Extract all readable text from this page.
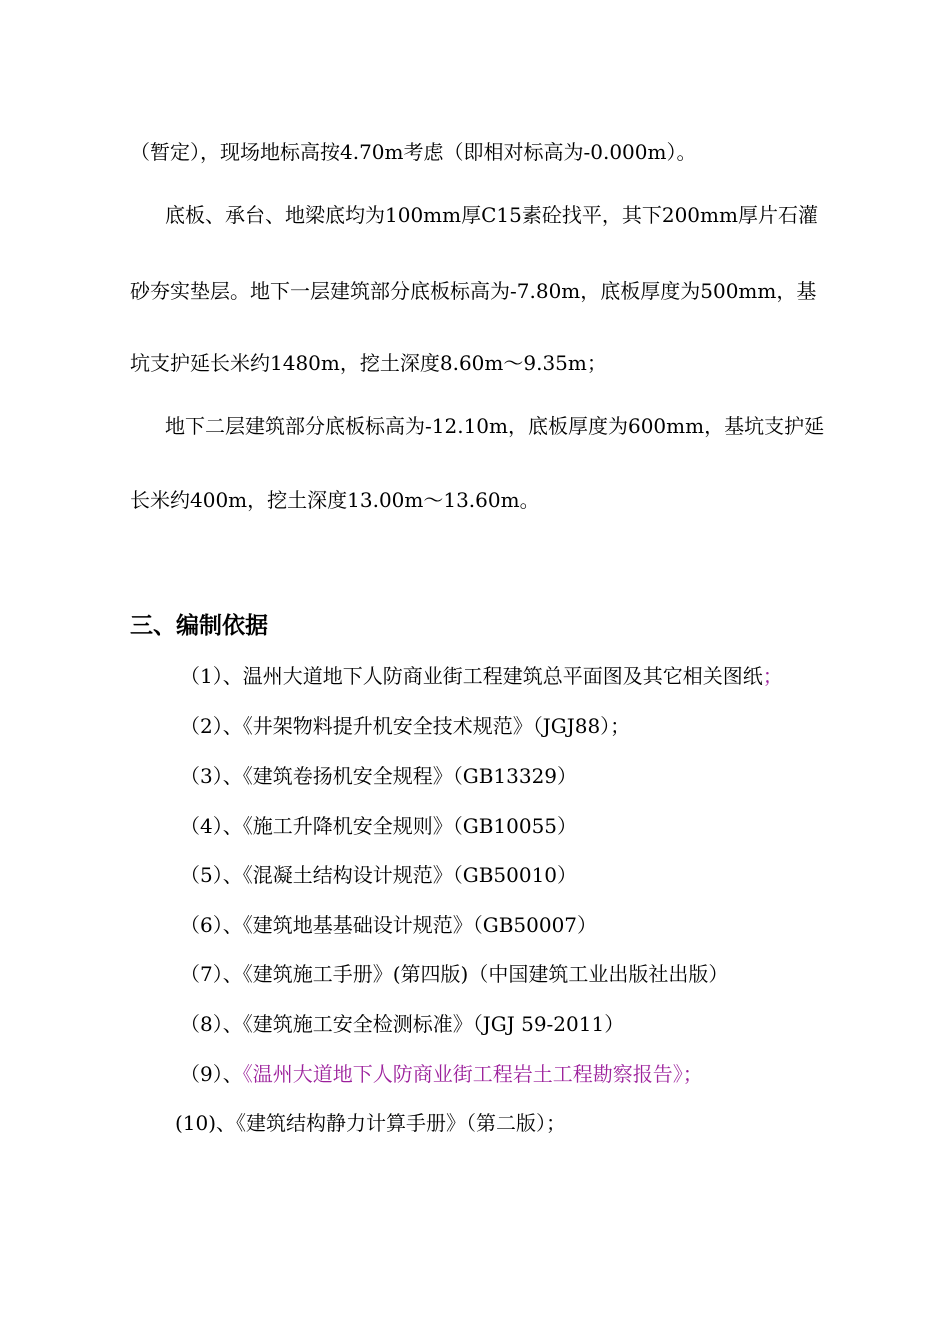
（暂定），现场地标高按4.70m考虑（即相对标高为-0.000m）。
底板、承台、地梁底均为100mm厚C15素砼找平，其下200mm厚片石灌
砂夯实垫层。地下一层建筑部分底板标高为-7.80m，底板厚度为500mm，基
坑支护延长米约1480m，挖土深度8.60m～9.35m；
地下二层建筑部分底板标高为-12.10m，底板厚度为600mm，基坑支护延
长米约400m，挖土深度13.00m～13.60m。
三、编制依据
（1）、温州大道地下人防商业街工程建筑总平面图及其它相关图纸；
（2）、《井架物料提升机安全技术规范》（JGJ88）；
（3）、《建筑卷扬机安全规程》（GB13329）
（4）、《施工升降机安全规则》（GB10055）
（5）、《混凝土结构设计规范》（GB50010）
（6）、《建筑地基基础设计规范》（GB50007）
（7）、《建筑施工手册》(第四版)（中国建筑工业出版社出版）
（8）、《建筑施工安全检测标准》（JGJ 59-2011）
（9）、《温州大道地下人防商业街工程岩土工程勘察报告》；
(10)、《建筑结构静力计算手册》（第二版）；
